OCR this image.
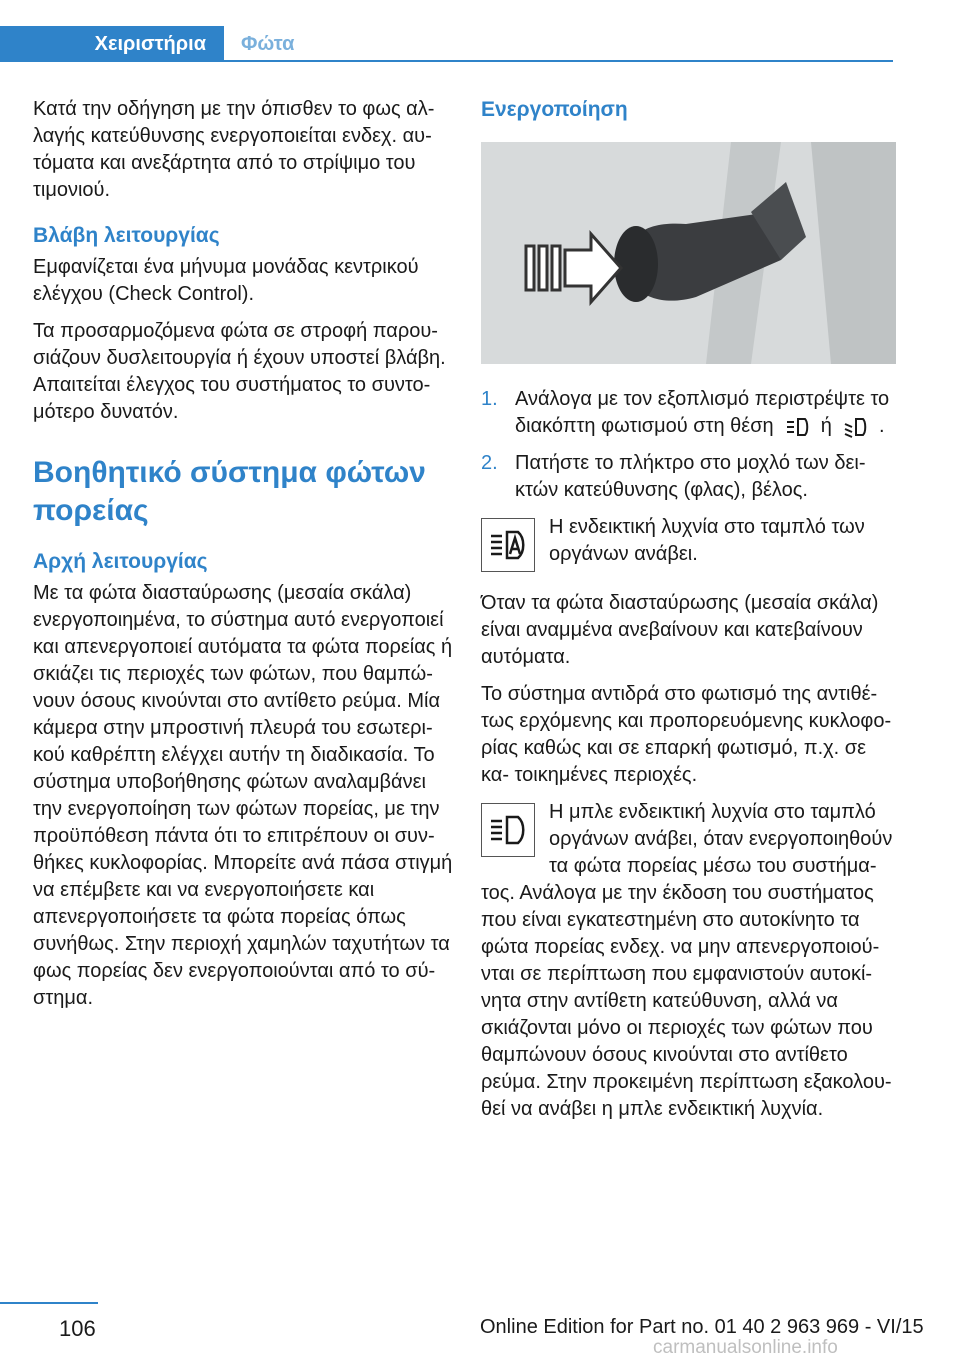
Χειριστήρια	Φώτα

Κατά την οδήγηση με την όπισθεν το φως αλ- λαγής κατεύθυνσης ενεργοποιείται ενδεχ. αυ- τόματα και ανεξάρτητα από το στρίψιμο του τιμονιού.

Βλάβη λειτουργίας

Εμφανίζεται ένα μήνυμα μονάδας κεντρικού ελέγχου (Check Control).

Τα προσαρμοζόμενα φώτα σε στροφή παρου- σιάζουν δυσλειτουργία ή έχουν υποστεί βλάβη. Απαιτείται έλεγχος του συστήματος το συντο- μότερο δυνατόν.

Βοηθητικό σύστημα φώτων πορείας
Αρχή λειτουργίας

Με τα φώτα διασταύρωσης (μεσαία σκάλα) ενεργοποιημένα, το σύστημα αυτό ενεργοποιεί και απενεργοποιεί αυτόματα τα φώτα πορείας ή σκιάζει τις περιοχές των φώτων, που θαμπώ- νουν όσους κινούνται στο αντίθετο ρεύμα. Μία κάμερα στην μπροστινή πλευρά του εσωτερι- κού καθρέπτη ελέγχει αυτήν τη διαδικασία. Το σύστημα υποβοήθησης φώτων αναλαμβάνει την ενεργοποίηση των φώτων πορείας, με την προϋπόθεση πάντα ότι το επιτρέπουν οι συν- θήκες κυκλοφορίας. Μπορείτε ανά πάσα στιγμή να επέμβετε και να ενεργοποιήσετε και απενεργοποιήσετε τα φώτα πορείας όπως συνήθως. Στην περιοχή χαμηλών ταχυτήτων τα φως πορείας δεν ενεργοποιούνται από το σύ- στημα.

Ενεργοποίηση
1. Ανάλογα με τον εξοπλισμό περιστρέψτε το διακόπτη φωτισμού στη θέση ή .
2. Πατήστε το πλήκτρο στο μοχλό των δει- κτών κατεύθυνσης (φλας), βέλος.

Η ενδεικτική λυχνία στο ταμπλό των οργάνων ανάβει.

Όταν τα φώτα διασταύρωσης (μεσαία σκάλα) είναι αναμμένα ανεβαίνουν και κατεβαίνουν αυτόματα.

Το σύστημα αντιδρά στο φωτισμό της αντιθέ- τως ερχόμενης και προπορευόμενης κυκλοφο- ρίας καθώς και σε επαρκή φωτισμό, π.χ. σε κα- τοικημένες περιοχές.

Η μπλε ενδεικτική λυχνία στο ταμπλό οργάνων ανάβει, όταν ενεργοποιηθούν τα φώτα πορείας μέσω του συστήμα- τος. Ανάλογα με την έκδοση του συστήματος που είναι εγκατεστημένη στο αυτοκίνητο τα φώτα πορείας ενδεχ. να μην απενεργοποιού- νται σε περίπτωση που εμφανιστούν αυτοκί- νητα στην αντίθετη κατεύθυνση, αλλά να σκιάζονται μόνο οι περιοχές των φώτων που θαμπώνουν όσους κινούνται στο αντίθετο ρεύμα. Στην προκειμένη περίπτωση εξακολου- θεί να ανάβει η μπλε ενδεικτική λυχνία.

106	Online Edition for Part no. 01 40 2 963 969 - VI/15
carmanualsonline.info
